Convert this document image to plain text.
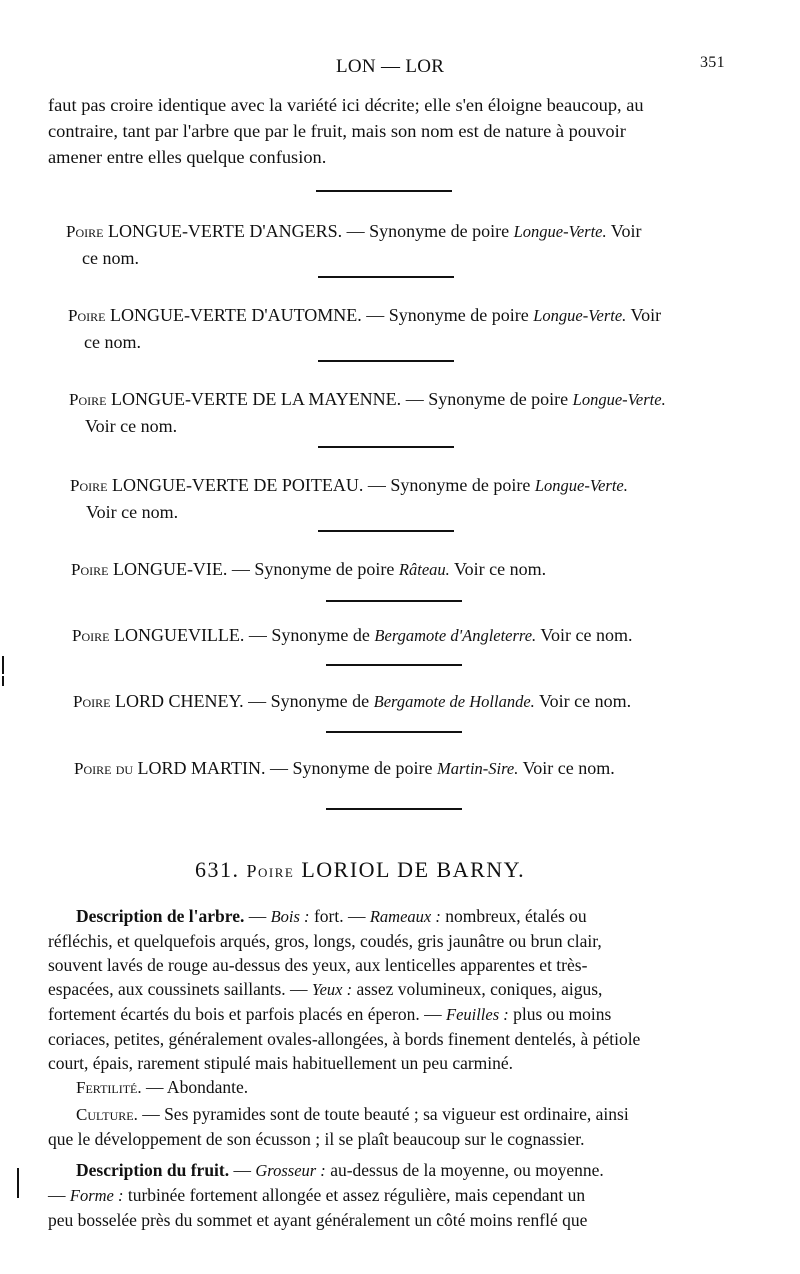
LON — LOR	351
faut pas croire identique avec la variété ici décrite; elle s'en éloigne beaucoup, au
contraire, tant par l'arbre que par le fruit, mais son nom est de nature à pouvoir
amener entre elles quelque confusion.
Poire LONGUE-VERTE D'ANGERS. — Synonyme de poire Longue-Verte. Voir
ce nom.
Poire LONGUE-VERTE D'AUTOMNE. — Synonyme de poire Longue-Verte. Voir
ce nom.
Poire LONGUE-VERTE DE LA MAYENNE. — Synonyme de poire Longue-Verte.
Voir ce nom.
Poire LONGUE-VERTE DE POITEAU. — Synonyme de poire Longue-Verte.
Voir ce nom.
Poire LONGUE-VIE. — Synonyme de poire Râteau. Voir ce nom.
Poire LONGUEVILLE. — Synonyme de Bergamote d'Angleterre. Voir ce nom.
Poire LORD CHENEY. — Synonyme de Bergamote de Hollande. Voir ce nom.
Poire du LORD MARTIN. — Synonyme de poire Martin-Sire. Voir ce nom.
631. Poire LORIOL DE BARNY.
Description de l'arbre. — Bois : fort. — Rameaux : nombreux, étalés ou
réfléchis, et quelquefois arqués, gros, longs, coudés, gris jaunâtre ou brun clair,
souvent lavés de rouge au-dessus des yeux, aux lenticelles apparentes et très-
espacées, aux coussinets saillants. — Yeux : assez volumineux, coniques, aigus,
fortement écartés du bois et parfois placés en éperon. — Feuilles : plus ou moins
coriaces, petites, généralement ovales-allongées, à bords finement dentelés, à pétiole
court, épais, rarement stipulé mais habituellement un peu carminé.
Fertilité. — Abondante.
Culture. — Ses pyramides sont de toute beauté ; sa vigueur est ordinaire, ainsi
que le développement de son écusson ; il se plaît beaucoup sur le cognassier.
Description du fruit. — Grosseur : au-dessus de la moyenne, ou moyenne.
— Forme : turbinée fortement allongée et assez régulière, mais cependant un
peu bosselée près du sommet et ayant généralement un côté moins renflé que
